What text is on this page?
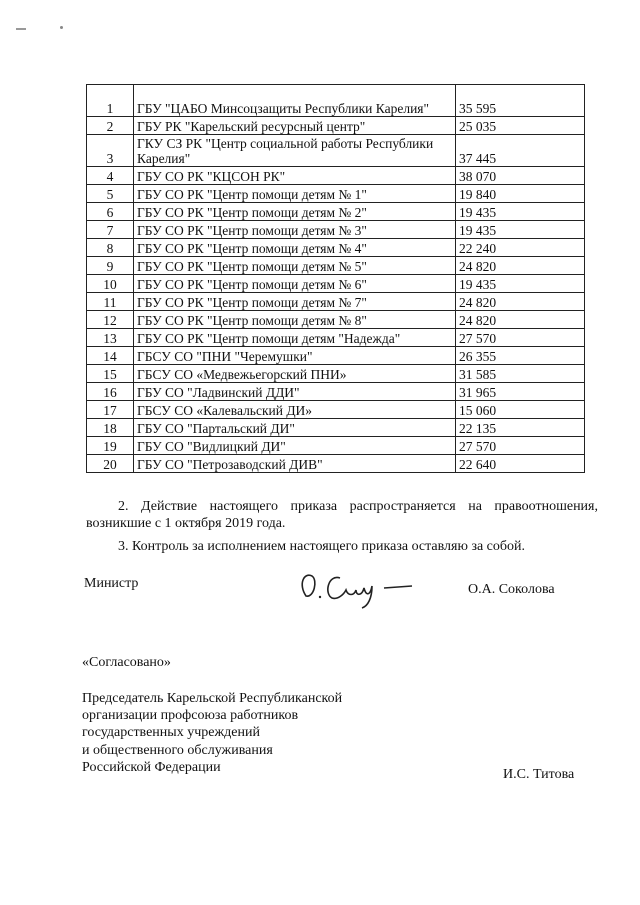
1	ГБУ "ЦАБО Минсоцзащиты Республики Карелия"	35 595
2	ГБУ РК "Карельский ресурсный центр"	25 035
3	ГКУ СЗ РК "Центр социальной работы Республики Карелия"	37 445
4	ГБУ СО РК "КЦСОН РК"	38 070
5	ГБУ СО РК "Центр помощи детям № 1"	19 840
6	ГБУ СО РК "Центр помощи детям № 2"	19 435
7	ГБУ СО РК "Центр помощи детям № 3"	19 435
8	ГБУ СО РК "Центр помощи детям № 4"	22 240
9	ГБУ СО РК "Центр помощи детям № 5"	24 820
10	ГБУ СО РК "Центр помощи детям № 6"	19 435
11	ГБУ СО РК "Центр помощи детям № 7"	24 820
12	ГБУ СО РК "Центр помощи детям № 8"	24 820
13	ГБУ СО РК "Центр помощи детям "Надежда"	27 570
14	ГБСУ СО "ПНИ "Черемушки"	26 355
15	ГБСУ СО «Медвежьегорский ПНИ»	31 585
16	ГБУ СО "Ладвинский ДДИ"	31 965
17	ГБСУ СО «Калевальский ДИ»	15 060
18	ГБУ СО "Партальский ДИ"	22 135
19	ГБУ СО "Видлицкий ДИ"	27 570
20	ГБУ СО "Петрозаводский ДИВ"	22 640
2. Действие настоящего приказа распространяется на правоотношения, возникшие с 1 октября 2019 года.
3. Контроль за исполнением настоящего приказа оставляю за собой.
Министр	О.А. Соколова
«Согласовано»
Председатель Карельской Республиканской
организации профсоюза работников
государственных учреждений
и общественного обслуживания
Российской Федерации	И.С. Титова
